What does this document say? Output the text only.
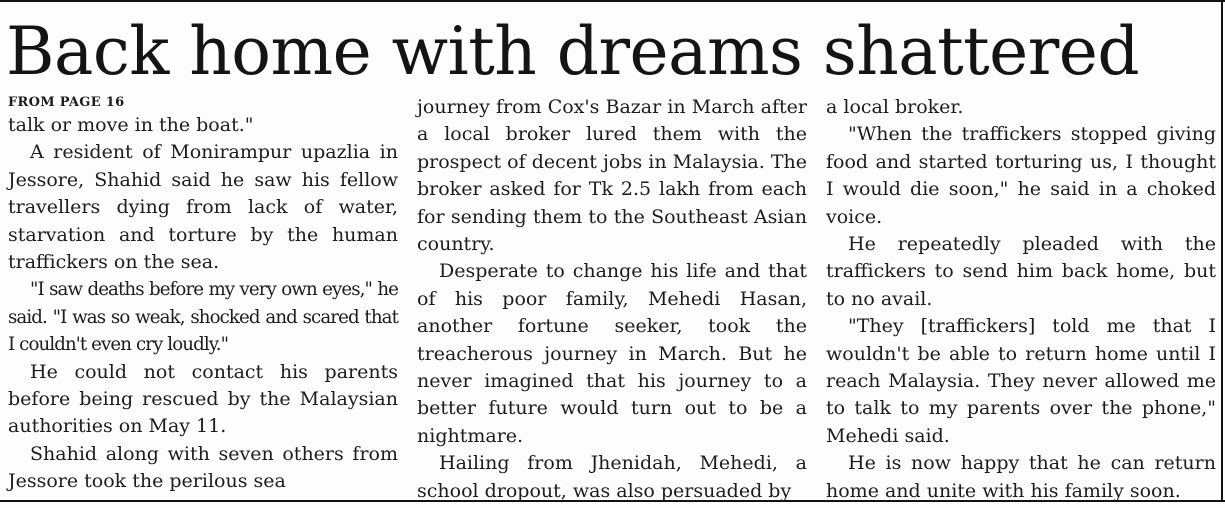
Back home with dreams shattered
FROM PAGE 16

talk or move in the boat."

A resident of Monirampur upazlia in Jessore, Shahid said he saw his fellow travellers dying from lack of water, starvation and torture by the human traffickers on the sea.

"I saw deaths before my very own eyes," he said. "I was so weak, shocked and scared that I couldn't even cry loudly."

He could not contact his parents before being rescued by the Malaysian authorities on May 11.

Shahid along with seven others from Jessore took the perilous sea

journey from Cox's Bazar in March after a local broker lured them with the prospect of decent jobs in Malaysia. The broker asked for Tk 2.5 lakh from each for sending them to the Southeast Asian country.

Desperate to change his life and that of his poor family, Mehedi Hasan, another fortune seeker, took the treacherous journey in March. But he never imagined that his journey to a better future would turn out to be a nightmare.

Hailing from Jhenidah, Mehedi, a school dropout, was also persuaded by

a local broker.

"When the traffickers stopped giving food and started torturing us, I thought I would die soon," he said in a choked voice.

He repeatedly pleaded with the traffickers to send him back home, but to no avail.

"They [traffickers] told me that I wouldn't be able to return home until I reach Malaysia. They never allowed me to talk to my parents over the phone," Mehedi said.

He is now happy that he can return home and unite with his family soon.
